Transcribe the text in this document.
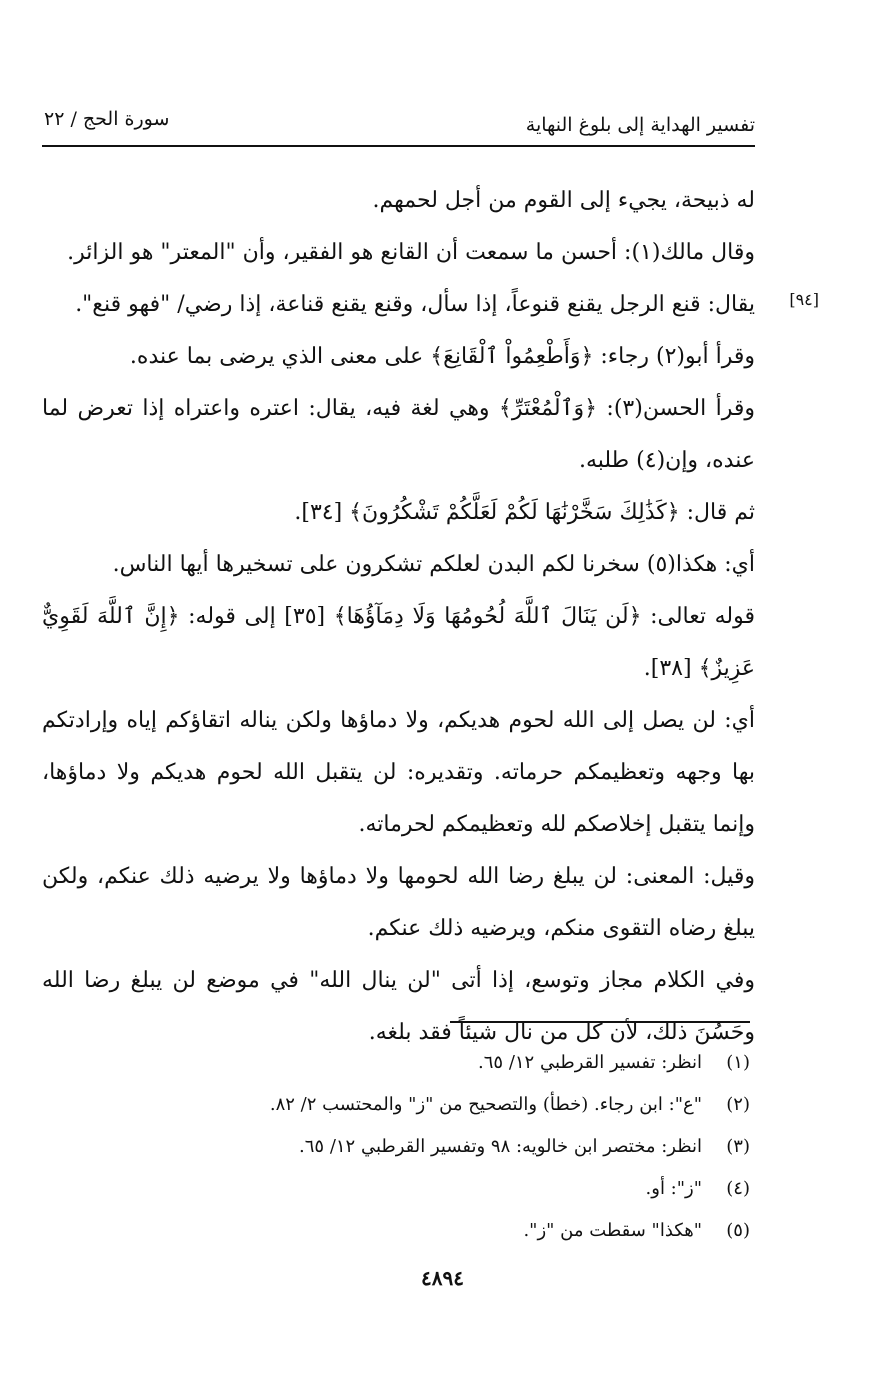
تفسير الهداية إلى بلوغ النهاية
سورة الحج / ٢٢
[٩٤]

له ذبيحة، يجيء إلى القوم من أجل لحمهم.

وقال مالك(١): أحسن ما سمعت أن القانع هو الفقير، وأن "المعتر" هو الزائر.

يقال: قنع الرجل يقنع قنوعاً، إذا سأل، وقنع يقنع قناعة، إذا رضي/ "فهو قنع".

وقرأ أبو(٢) رجاء: ﴿وَأَطْعِمُواْ ٱلْقَانِعَ﴾ على معنى الذي يرضى بما عنده.

وقرأ الحسن(٣): ﴿وَٱلْمُعْتَرِّ﴾ وهي لغة فيه، يقال: اعتره واعتراه إذا تعرض لما عنده، وإن(٤) طلبه.

ثم قال: ﴿كَذَٰلِكَ سَخَّرْنَٰهَا لَكُمْ لَعَلَّكُمْ تَشْكُرُونَ﴾ [٣٤].

أي: هكذا(٥) سخرنا لكم البدن لعلكم تشكرون على تسخيرها أيها الناس.

قوله تعالى: ﴿لَن يَنَالَ ٱللَّهَ لُحُومُهَا وَلَا دِمَآؤُهَا﴾ [٣٥] إلى قوله: ﴿إِنَّ ٱللَّهَ لَقَوِيٌّ عَزِيزٌ﴾ [٣٨].

أي: لن يصل إلى الله لحوم هديكم، ولا دماؤها ولكن يناله اتقاؤكم إياه وإرادتكم بها وجهه وتعظيمكم حرماته. وتقديره: لن يتقبل الله لحوم هديكم ولا دماؤها، وإنما يتقبل إخلاصكم لله وتعظيمكم لحرماته.

وقيل: المعنى: لن يبلغ رضا الله لحومها ولا دماؤها ولا يرضيه ذلك عنكم، ولكن يبلغ رضاه التقوى منكم، ويرضيه ذلك عنكم.

وفي الكلام مجاز وتوسع، إذا أتى "لن ينال الله" في موضع لن يبلغ رضا الله وحَسُنَ ذلك، لأن كل من نال شيئاً فقد بلغه.

(١)انظر: تفسير القرطبي ١٢/ ٦٥.
(٢)"ع": ابن رجاء. (خطأ) والتصحيح من "ز" والمحتسب ٢/ ٨٢.
(٣)انظر: مختصر ابن خالويه: ٩٨ وتفسير القرطبي ١٢/ ٦٥.
(٤)"ز": أو.
(٥)"هكذا" سقطت من "ز".
٤٨٩٤
